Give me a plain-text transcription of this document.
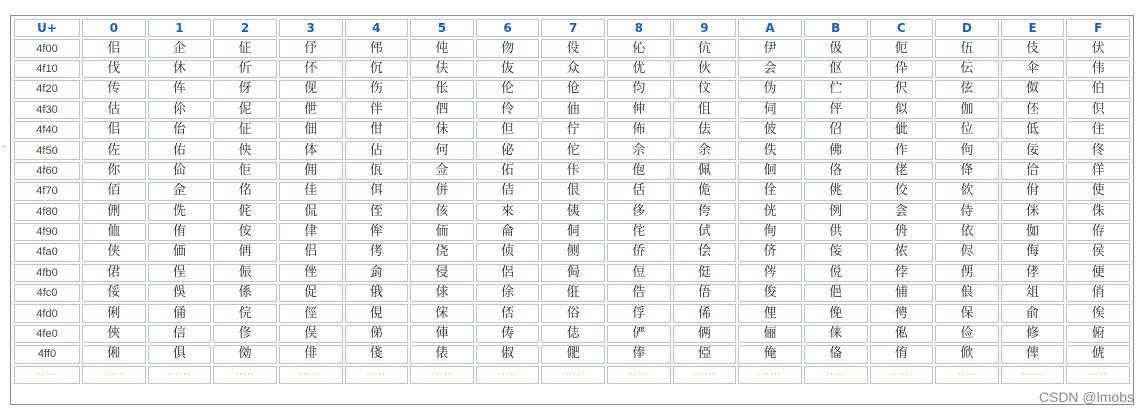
U+	0	1	2	3	4	5	6	7	8	9	A	B	C	D	E	F
4f00	佀	企	佂	伃	伄	伅	伆	伇	伈	伉	伊	伋	伌	伍	伎	伏
4f10	伐	休	伒	伓	伔	伕	伖	众	优	伙	会	伛	伜	伝	伞	伟
4f20	传	伡	伢	伣	伤	伥	伦	伧	伨	伩	伪	伫	伬	伭	伮	伯
4f30	估	伱	伲	伳	伴	伵	伶	伷	伸	伹	伺	伻	似	伽	伾	伿
4f40	佀	佁	佂	佃	佄	佅	但	佇	佈	佉	佊	佋	佌	位	低	住
4f50	佐	佑	佒	体	佔	何	佖	佗	佘	余	佚	佛	作	佝	佞	佟
4f60	你	佡	佢	佣	佤	佥	佦	佧	佨	佩	佪	佫	佬	佭	佮	佯
4f70	佰	佱	佲	佳	佴	併	佶	佷	佸	佹	佺	佻	佼	佽	佾	使
4f80	侀	侁	侂	侃	侄	侅	來	侇	侈	侉	侊	例	侌	侍	侎	侏
4f90	侐	侑	侒	侓	侔	侕	侖	侗	侘	侙	侚	供	侜	依	侞	侟
4fa0	侠	価	侢	侣	侤	侥	侦	侧	侨	侩	侪	侫	侬	侭	侮	侯
4fb0	侰	侱	侲	侳	侴	侵	侶	侷	侸	侹	侺	侻	侼	侽	侾	便
4fc0	俀	俁	係	促	俄	俅	俆	俇	俈	俉	俊	俋	俌	俍	俎	俏
4fd0	俐	俑	俒	俓	俔	俕	俖	俗	俘	俙	俚	俛	俜	保	俞	俟
4fe0	俠	信	俢	俣	俤	俥	俦	俧	俨	俩	俪	俫	俬	俭	修	俯
4ff0	俰	俱	俲	俳	俴	俵	俶	俷	俸	俹	俺	俻	俼	俽	俾	俿
·····	·····	······	·····	······	·····	·····	·····	······	·····	······	······	·····	······	·····	······	·····
CSDN @lmobs
